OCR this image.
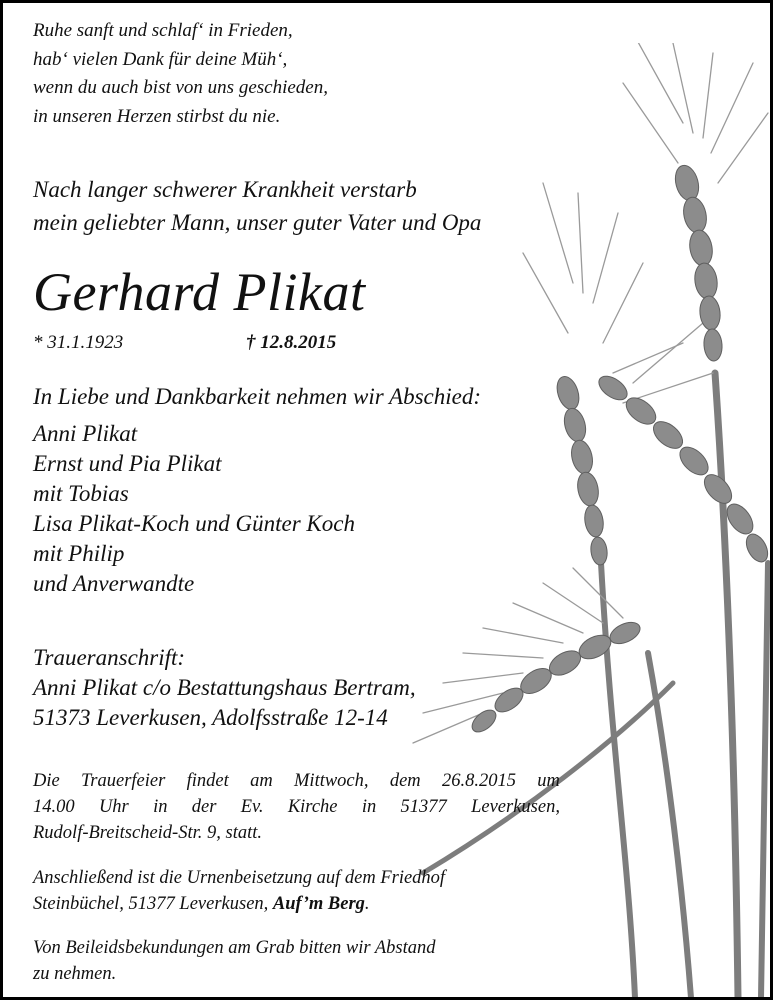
Ruhe sanft und schlaf‘ in Frieden,
hab‘ vielen Dank für deine Müh‘,
wenn du auch bist von uns geschieden,
in unseren Herzen stirbst du nie.
Nach langer schwerer Krankheit verstarb
mein geliebter Mann, unser guter Vater und Opa
Gerhard Plikat
* 31.1.1923	† 12.8.2015
In Liebe und Dankbarkeit nehmen wir Abschied:
Anni Plikat
Ernst und Pia Plikat
mit Tobias
Lisa Plikat-Koch und Günter Koch
mit Philip
und Anverwandte
Traueranschrift:
Anni Plikat c/o Bestattungshaus Bertram,
51373 Leverkusen, Adolfsstraße 12-14
Die Trauerfeier findet am Mittwoch, dem 26.8.2015 um
14.00 Uhr in der Ev. Kirche in 51377 Leverkusen,
Rudolf-Breitscheid-Str. 9, statt.
Anschließend ist die Urnenbeisetzung auf dem Friedhof
Steinbüchel, 51377 Leverkusen, Auf’m Berg.
Von Beileidsbekundungen am Grab bitten wir Abstand
zu nehmen.
